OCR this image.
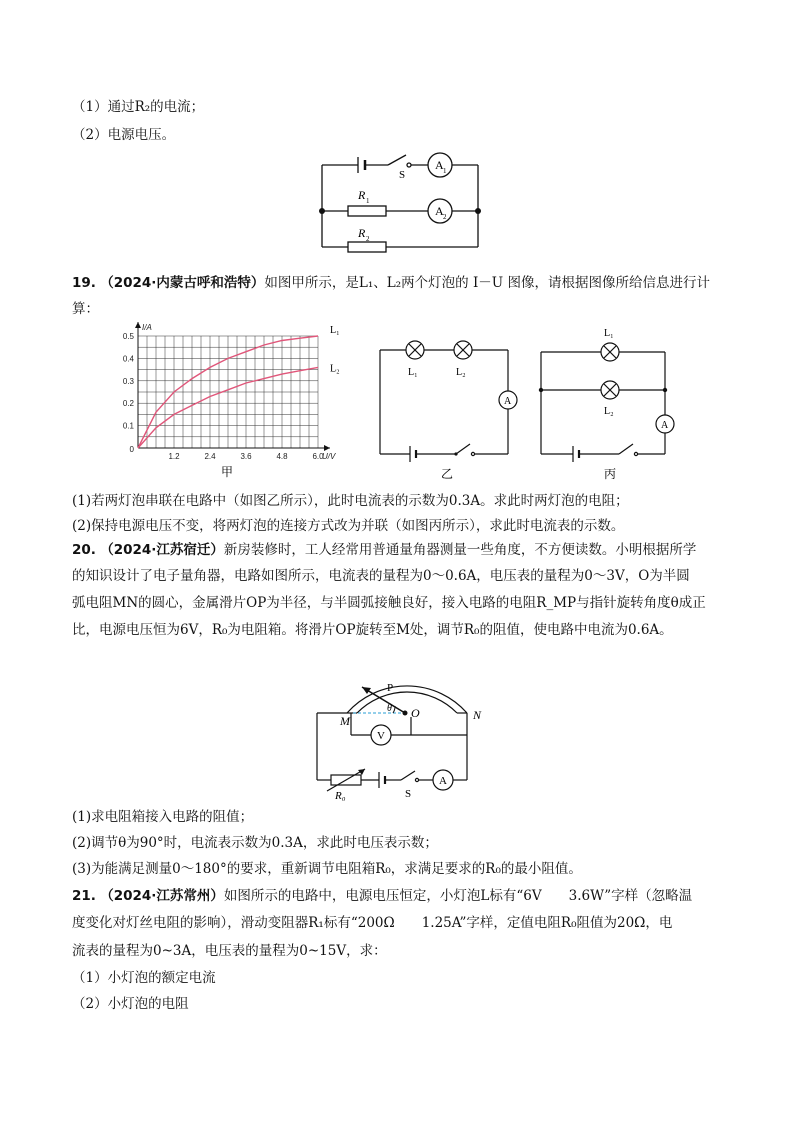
（1）通过R₂的电流；
（2）电源电压。
S
A 1
A 2
R 1
R 2
19. （2024·内蒙古呼和浩特）如图甲所示，是L₁、L₂两个灯泡的 I－U 图像，请根据图像所给信息进行计
算：
1.2	2.4	3.6	4.8	6.0
0.1
0.2
0.3
0.4
0.5
0
I/A
U/V
L₁
L₂
甲
L₁	L₂
A
乙
L₁
L₂
A
丙
(1)若两灯泡串联在电路中（如图乙所示），此时电流表的示数为0.3A。求此时两灯泡的电阻；
(2)保持电源电压不变，将两灯泡的连接方式改为并联（如图丙所示），求此时电流表的示数。
20. （2024·江苏宿迁）新房装修时，工人经常用普通量角器测量一些角度，不方便读数。小明根据所学
的知识设计了电子量角器，电路如图所示，电流表的量程为0～0.6A，电压表的量程为0～3V，O为半圆
弧电阻MN的圆心，金属滑片OP为半径，与半圆弧接触良好，接入电路的电阻R_MP与指针旋转角度θ成正
比，电源电压恒为6V，R₀为电阻箱。将滑片OP旋转至M处，调节R₀的阻值，使电路中电流为0.6A。
P
θ O
M	N
V
A
S
R₀
(1)求电阻箱接入电路的阻值；
(2)调节θ为90°时，电流表示数为0.3A，求此时电压表示数；
(3)为能满足测量0～180°的要求，重新调节电阻箱R₀，求满足要求的R₀的最小阻值。
21. （2024·江苏常州）如图所示的电路中，电源电压恒定，小灯泡L标有“6V　　3.6W”字样（忽略温
度变化对灯丝电阻的影响），滑动变阻器R₁标有“200Ω　　1.25A”字样，定值电阻R₀阻值为20Ω，电
流表的量程为0~3A，电压表的量程为0~15V，求：
（1）小灯泡的额定电流
（2）小灯泡的电阻
